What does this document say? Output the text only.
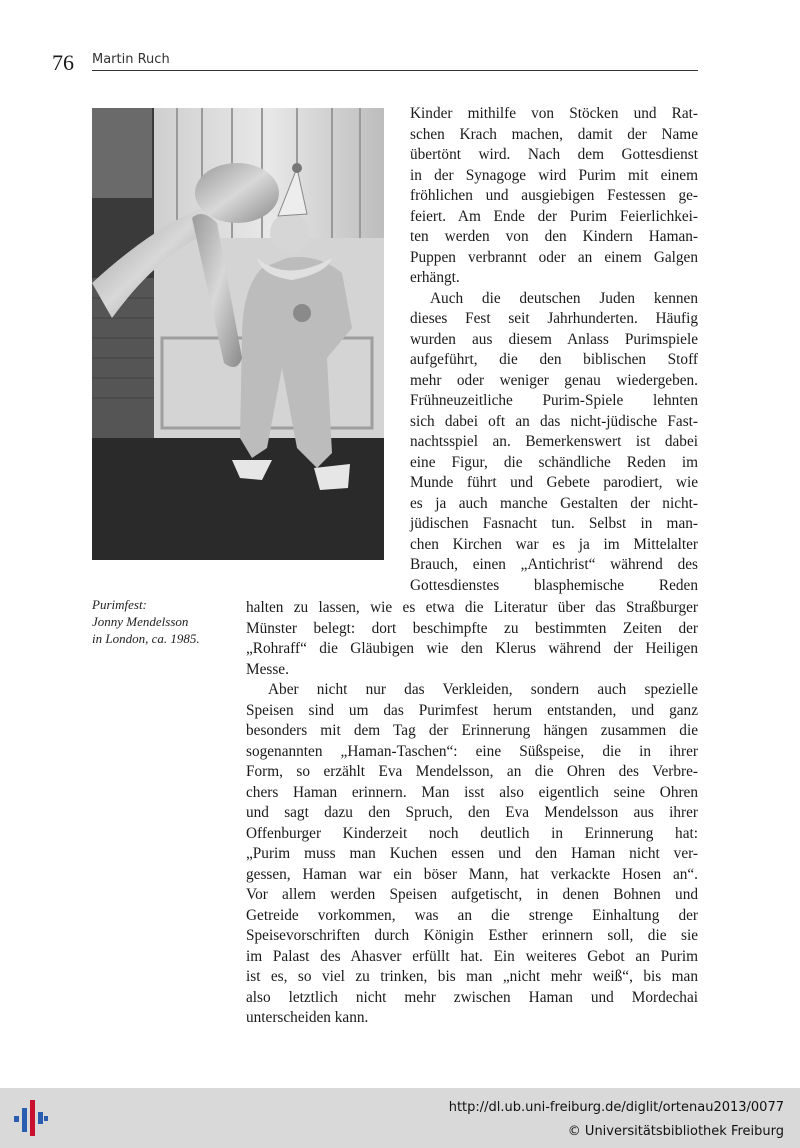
76 Martin Ruch
Purimfest:
Jonny Mendelsson
in London, ca. 1985.
Kinder mithilfe von Stöcken und Rat-
schen Krach machen, damit der Name
übertönt wird. Nach dem Gottesdienst
in der Synagoge wird Purim mit einem
fröhlichen und ausgiebigen Festessen ge-
feiert. Am Ende der Purim Feierlichkei-
ten werden von den Kindern Haman-
Puppen verbrannt oder an einem Galgen
erhängt.
Auch die deutschen Juden kennen
dieses Fest seit Jahrhunderten. Häufig
wurden aus diesem Anlass Purimspiele
aufgeführt, die den biblischen Stoff
mehr oder weniger genau wiedergeben.
Frühneuzeitliche Purim-Spiele lehnten
sich dabei oft an das nicht-jüdische Fast-
nachtsspiel an. Bemerkenswert ist dabei
eine Figur, die schändliche Reden im
Munde führt und Gebete parodiert, wie
es ja auch manche Gestalten der nicht-
jüdischen Fasnacht tun. Selbst in man-
chen Kirchen war es ja im Mittelalter
Brauch, einen „Antichrist“ während des
Gottesdienstes blasphemische Reden
halten zu lassen, wie es etwa die Literatur über das Straßburger
Münster belegt: dort beschimpfte zu bestimmten Zeiten der
„Rohraff“ die Gläubigen wie den Klerus während der Heiligen
Messe.
Aber nicht nur das Verkleiden, sondern auch spezielle
Speisen sind um das Purimfest herum entstanden, und ganz
besonders mit dem Tag der Erinnerung hängen zusammen die
sogenannten „Haman-Taschen“: eine Süßspeise, die in ihrer
Form, so erzählt Eva Mendelsson, an die Ohren des Verbre-
chers Haman erinnern. Man isst also eigentlich seine Ohren
und sagt dazu den Spruch, den Eva Mendelsson aus ihrer
Offenburger Kinderzeit noch deutlich in Erinnerung hat:
„Purim muss man Kuchen essen und den Haman nicht ver-
gessen, Haman war ein böser Mann, hat verkackte Hosen an“.
Vor allem werden Speisen aufgetischt, in denen Bohnen und
Getreide vorkommen, was an die strenge Einhaltung der
Speisevorschriften durch Königin Esther erinnern soll, die sie
im Palast des Ahasver erfüllt hat. Ein weiteres Gebot an Purim
ist es, so viel zu trinken, bis man „nicht mehr weiß“, bis man
also letztlich nicht mehr zwischen Haman und Mordechai
unterscheiden kann.
http://dl.ub.uni-freiburg.de/diglit/ortenau2013/0077
© Universitätsbibliothek Freiburg
